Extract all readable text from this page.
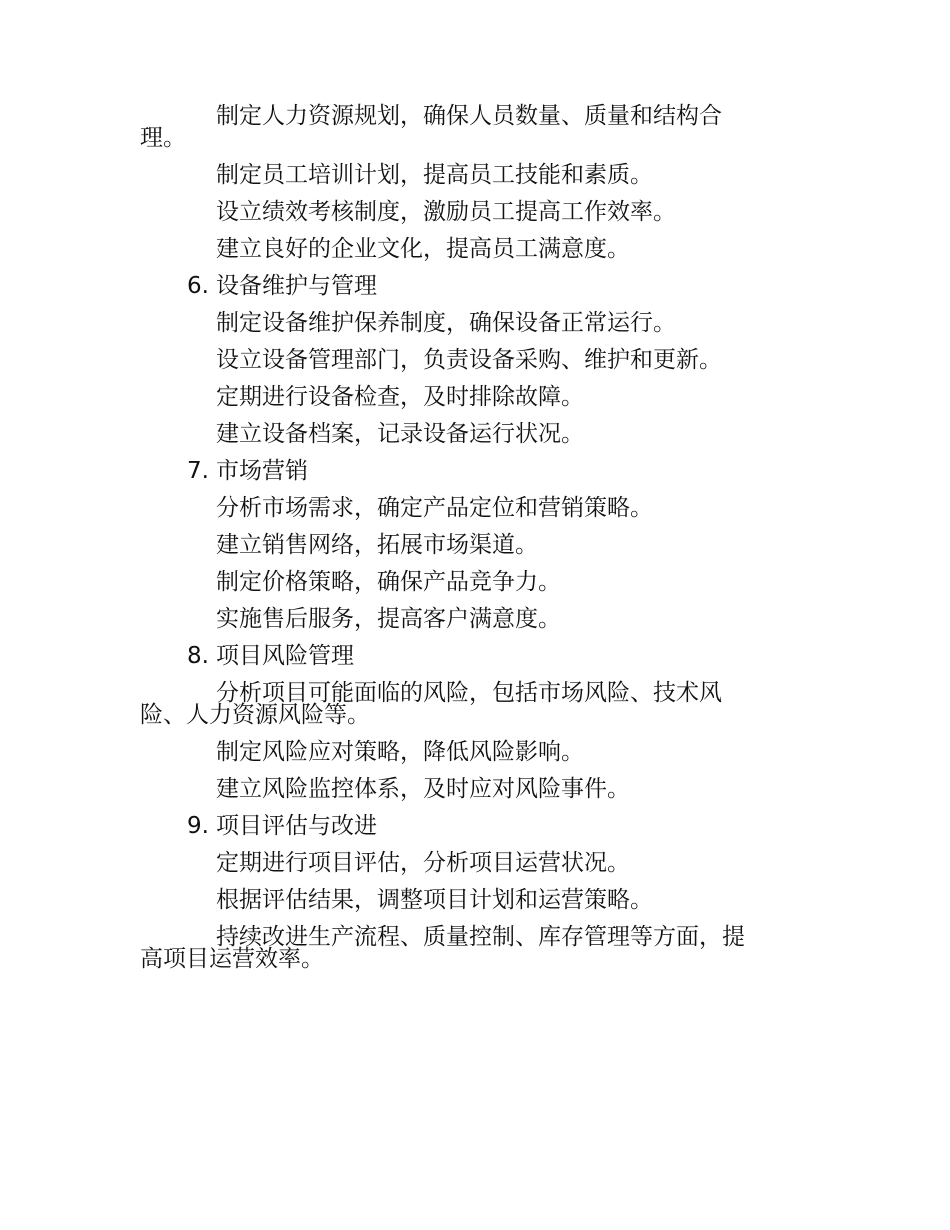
制定人力资源规划，确保人员数量、质量和结构合
理。
制定员工培训计划，提高员工技能和素质。
设立绩效考核制度，激励员工提高工作效率。
建立良好的企业文化，提高员工满意度。
6. 设备维护与管理
制定设备维护保养制度，确保设备正常运行。
设立设备管理部门，负责设备采购、维护和更新。
定期进行设备检查，及时排除故障。
建立设备档案，记录设备运行状况。
7. 市场营销
分析市场需求，确定产品定位和营销策略。
建立销售网络，拓展市场渠道。
制定价格策略，确保产品竞争力。
实施售后服务，提高客户满意度。
8. 项目风险管理
分析项目可能面临的风险，包括市场风险、技术风
险、人力资源风险等。
制定风险应对策略，降低风险影响。
建立风险监控体系，及时应对风险事件。
9. 项目评估与改进
定期进行项目评估，分析项目运营状况。
根据评估结果，调整项目计划和运营策略。
持续改进生产流程、质量控制、库存管理等方面，提
高项目运营效率。
